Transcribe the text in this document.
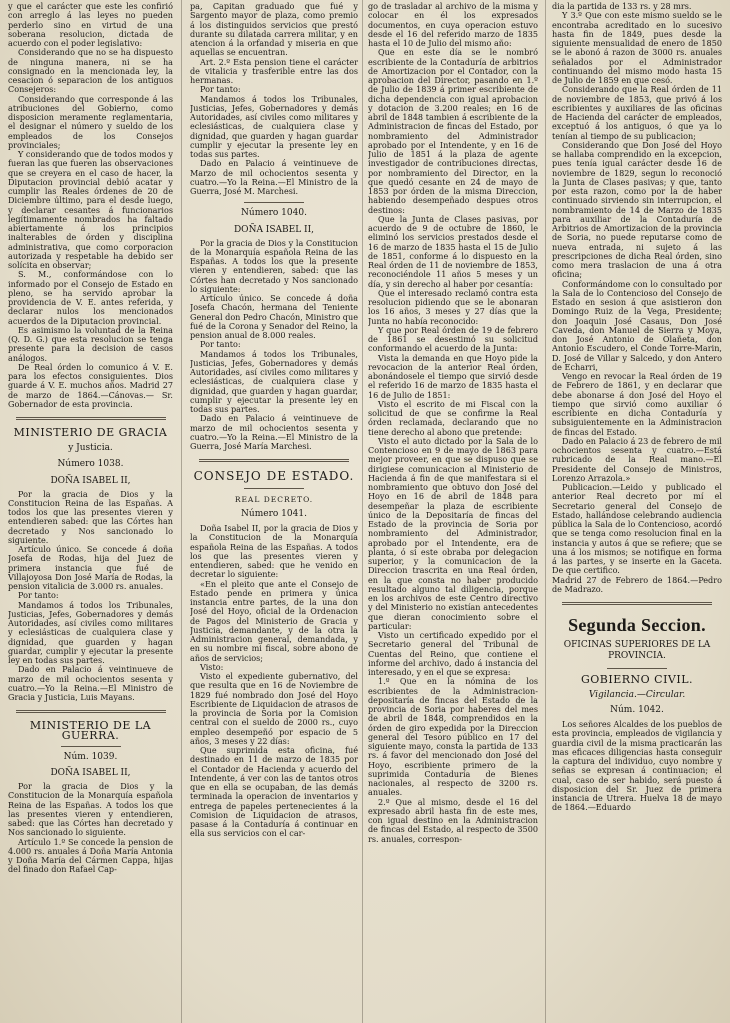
y que el carácter que este les confirió con arreglo á las leyes no pueden perderlo sino en virtud de una soberana resolucion, dictada de acuerdo con el poder legislativo:

Considerando que no se ha dispuesto de ninguna manera, ni se ha consignado en la mencionada ley, la cesacion ó separacion de los antiguos Consejeros:

Considerando que corresponde á las atribuciones del Gobierno, como disposicion meramente reglamentaria, el designar el número y sueldo de los empleados de los Consejos provinciales;

Y considerando que de todos modos y fueran las que fueren las observaciones que se creyera en el caso de hacer, la Diputacion provincial debió acatar y cumplir las Reales órdenes de 20 de Diciembre último, para el desde luego, y declarar cesantes á funcionarios legítimamente nombrados ha faltado abiertamente á los principios inalterables de órden y disciplina administrativa, que como corporacion autorizada y respetable ha debido ser solícita en observar;

S. M., conformándose con lo informado por el Consejo de Estado en pleno, se ha servido aprobar la providencia de V. E. antes referida, y declarar nulos los mencionados acuerdos de la Diputacion provincial.

Es asimismo la voluntad de la Reina (Q. D. G.) que esta resolucion se tenga presente para la decision de casos análogos.

De Real órden lo comunico á V. E. para los efectos consiguientes. Dios guarde á V. E. muchos años. Madrid 27 de marzo de 1864.—Cánovas.— Sr. Gobernador de esta provincia.

MINISTERIO DE GRACIA

y Justicia.

Número 1038.

DOÑA ISABEL II,

Por la gracia de Dios y la Constitucion Reina de las Españas. A todos los que las presentes vieren y entendieren sabed: que las Córtes han decretado y Nos sancionado lo siguiente.

Artículo único. Se concede á doña Josefa de Rodas, hija del Juez de primera instancia que fué de Villajoyosa Don José María de Rodas, la pension vitalicia de 3.000 rs. anuales.

Por tanto:

Mandamos á todos los Tribunales, Justicias, Jefes, Gobernadores y demás Autoridades, así civiles como militares y eclesiásticas de cualquiera clase y dignidad, que guarden y hagan guardar, cumplir y ejecutar la presente ley en todas sus partes.

Dado en Palacio á veintinueve de marzo de mil ochocientos sesenta y cuatro.—Yo la Reina.—El Ministro de Gracia y Justicia, Luis Mayans.

MINISTERIO DE LA GUERRA.

Núm. 1039.

DOÑA ISABEL II,

Por la gracia de Dios y la Constitucion de la Monarquía española Reina de las Españas. A todos los que las presentes vieren y entendieren, sabed: que las Córtes han decretado y Nos sancionado lo siguiente.

Artículo 1.º Se concede la pension de 4.000 rs. anuales á Doña María Antonia y Doña María del Cármen Cappa, hijas del finado don Rafael Cap-

pa, Capitan graduado que fué y Sargento mayor de plaza, como premio á los distinguidos servicios que prestó durante su dilatada carrera militar, y en atencion á la orfandad y miseria en que aquellas se encuentran.

Art. 2.º Esta pension tiene el carácter de vitalicia y trasferible entre las dos hermanas.

Por tanto:

Mandamos á todos los Tribunales, Justicias, Jefes, Gobernadores y demás Autoridades, así civiles como militares y eclesiásticas, de cualquiera clase y dignidad, que guarden y hagan guardar cumplir y ejecutar la presente ley en todas sus partes.

Dado en Palacio á veintinueve de Marzo de mil ochocientos sesenta y cuatro.—Yo la Reina.—El Ministro de la Guerra, José M. Marchesi.

Número 1040.

DOÑA ISABEL II,

Por la gracia de Dios y la Constitucion de la Monarquía española Reina de las Españas. A todos los que la presente vieren y entendieren, sabed: que las Córtes han decretado y Nos sancionado lo siguiente:

Artículo único. Se concede á doña Josefa Chacón, hermana del Teniente General don Pedro Chacón, Ministro que fué de la Corona y Senador del Reino, la pension anual de 8.000 reales.

Por tanto:

Mandamos á todos los Tribunales, Justicias, Jefes, Gobernadores y demás Autoridades, así civiles como militares y eclesiásticas, de cualquiera clase y dignidad, que guarden y hagan guardar, cumplir y ejecutar la presente ley en todas sus partes.

Dado en Palacio á veintinueve de marzo de mil ochocientos sesenta y cuatro.—Yo la Reina.—El Ministro de la Guerra, José María Marchesi.

CONSEJO DE ESTADO.

REAL DECRETO.

Número 1041.

Doña Isabel II, por la gracia de Dios y la Constitucion de la Monarquía española Reina de las Españas. A todos los que las presentes vieren y entendieren, sabed: que he venido en decretar lo siguiente:

«En el pleito que ante el Consejo de Estado pende en primera y única instancia entre partes, de la una don José del Hoyo, oficial de la Ordenacion de Pagos del Ministerio de Gracia y Justicia, demandante, y de la otra la Administracion general, demandada, y en su nombre mi fiscal, sobre abono de años de servicios;

Visto:

Visto el expediente gubernativo, del que resulta que en 16 de Noviembre de 1829 fué nombrado don José del Hoyo Escribiente de Liquidacion de atrasos de la provincia de Soria por la Comision central con el sueldo de 2000 rs., cuyo empleo desempeñó por espacio de 5 años, 3 meses y 22 días:

Que suprimida esta oficina, fué destinado en 11 de marzo de 1835 por el Contador de Hacienda y acuerdo del Intendente, á ver con las de tantos otros que en ella se ocupaban, de las demás terminada la operacion de inventarios y entrega de papeles pertenecientes á la Comision de Liquidacion de atrasos, pasase á la Contaduría á continuar en ella sus servicios con el car-

go de trasladar al archivo de la misma y colocar en él los expresados documentos, en cuya operacion estuvo desde el 16 del referido marzo de 1835 hasta el 10 de Julio del mismo año:

Que en este día se le nombró escribiente de la Contaduría de arbitrios de Amortizacion por el Contador, con la aprobacion del Director, pasando en 1.º de Julio de 1839 á primer escribiente de dicha dependencia con igual aprobacion y dotacion de 3.200 reales; en 16 de abril de 1848 tambien á escribiente de la Administracion de fincas del Estado, por nombramiento del Administrador aprobado por el Intendente, y en 16 de Julio de 1851 á la plaza de agente investigador de contribuciones directas, por nombramiento del Director, en la que quedó cesante en 24 de mayo de 1853 por órden de la misma Direccion, habiendo desempeñado despues otros destinos:

Que la Junta de Clases pasivas, por acuerdo de 9 de octubre de 1860, le eliminó los servicios prestados desde el 16 de marzo de 1835 hasta el 15 de Julio de 1851, conforme á lo dispuesto en la Real órden de 11 de noviembre de 1853, reconociéndole 11 años 5 meses y un día, y sin derecho al haber por cesantía:

Que el interesado reclamó contra esta resolucion pidiendo que se le abonaran los 16 años, 3 meses y 27 días que la Junta no había reconocido:

Y que por Real órden de 19 de febrero de 1861 se desestimó su solicitud conformando el acuerdo de la Junta:

Vista la demanda en que Hoyo pide la revocacion de la anterior Real órden, abonándosele el tiempo que sirvió desde el referido 16 de marzo de 1835 hasta el 16 de Julio de 1851:

Visto el escrito de mi Fiscal con la solicitud de que se confirme la Real órden reclamada, declarando que no tiene derecho al abono que pretende:

Visto el auto dictado por la Sala de lo Contencioso en 9 de mayo de 1863 para mejor proveer, en que se dispuso que se dirigiese comunicacion al Ministerio de Hacienda á fin de que manifestara si el nombramiento que obtuvo don José del Hoyo en 16 de abril de 1848 para desempeñar la plaza de escribiente único de la Depositaría de fincas del Estado de la provincia de Soria por nombramiento del Administrador, aprobado por el Intendente, era de planta, ó si este obraba por delegacion superior, y la comunicacion de la Direccion trascrita en una Real órden, en la que consta no haber producido resultado alguno tal diligencia, porque en los archivos de este Centro directivo y del Ministerio no existían antecedentes que dieran conocimiento sobre el particular:

Visto un certificado expedido por el Secretario general del Tribunal de Cuentas del Reino, que contiene el informe del archivo, dado á instancia del interesado, y en el que se expresa:

1.º Que en la nómina de los escribientes de la Administracion-depositaría de fincas del Estado de la provincia de Soria por haberes del mes de abril de 1848, comprendidos en la órden de giro expedida por la Direccion general del Tesoro público en 17 del siguiente mayo, consta la partida de 133 rs. á favor del mencionado don José del Hoyo, escribiente primero de la suprimida Contaduría de Bienes nacionales, al respecto de 3200 rs. anuales.

2.º Que al mismo, desde el 16 del expresado abril hasta fin de este mes, con igual destino en la Administracion de fincas del Estado, al respecto de 3500 rs. anuales, correspon-

dia la partida de 133 rs. y 28 mrs.

Y 3.º Que con este mismo sueldo se le encontraba acreditado en lo sucesivo hasta fin de 1849, pues desde la siguiente mensualidad de enero de 1850 se le abonó á razon de 3000 rs. anuales señalados por el Administrador continuando del mismo modo hasta 15 de Julio de 1859 en que cesó.

Considerando que la Real órden de 11 de noviembre de 1853, que privó á los escribientes y auxiliares de las oficinas de Hacienda del carácter de empleados, exceptuó á los antiguos, ó que ya lo tenían al tiempo de su publicacion;

Considerando que Don José del Hoyo se hallaba comprendido en la excepcion, pues tenía igual carácter desde 16 de noviembre de 1829, segun lo reconoció la Junta de Clases pasivas; y que, tanto por esta razon, como por la de haber continuado sirviendo sin interrupcion, el nombramiento de 14 de Marzo de 1835 para auxiliar de la Contaduría de Arbitrios de Amortizacion de la provincia de Soria, no puede reputarse como de nueva entrada, ni sujeto á las prescripciones de dicha Real órden, sino como mera traslacion de una á otra oficina;

Conformándome con lo consultado por la Sala de lo Contencioso del Consejo de Estado en sesion á que asistieron don Domingo Ruiz de la Vega, Presidente; don Joaquin José Casaus, Don José Caveda, don Manuel de Sierra y Moya, don José Antonio de Olañeta, don Antonio Escudero, el Conde Torre-Marin, D. José de Villar y Salcedo, y don Antero de Echarri,

Vengo en revocar la Real órden de 19 de Febrero de 1861, y en declarar que debe abonarse á don José del Hoyo el tiempo que sirvió como auxiliar ó escribiente en dicha Contaduría y subsiguientemente en la Administracion de fincas del Estado.

Dado en Palacio á 23 de febrero de mil ochocientos sesenta y cuatro.—Está rubricado de la Real mano.—El Presidente del Consejo de Ministros, Lorenzo Arrazola.»

Publicacion.—Leido y publicado el anterior Real decreto por mí el Secretario general del Consejo de Estado, hallándose celebrando audiencia pública la Sala de lo Contencioso, acordó que se tenga como resolucion final en la instancia y autos á que se refiere; que se una á los mismos; se notifique en forma á las partes, y se inserte en la Gaceta. De que certifico.

Madrid 27 de Febrero de 1864.—Pedro de Madrazo.

Segunda Seccion.

OFICINAS SUPERIORES DE LA PROVINCIA.

GOBIERNO CIVIL.

Vigilancia.—Circular.

Núm. 1042.

Los señores Alcaldes de los pueblos de esta provincia, empleados de vigilancia y guardia civil de la misma practicarán las mas eficaces diligencias hasta conseguir la captura del individuo, cuyo nombre y señas se expresan á continuacion; el cual, caso de ser habido, será puesto á disposicion del Sr. Juez de primera instancia de Utrera. Huelva 18 de mayo de 1864.—Eduardo
